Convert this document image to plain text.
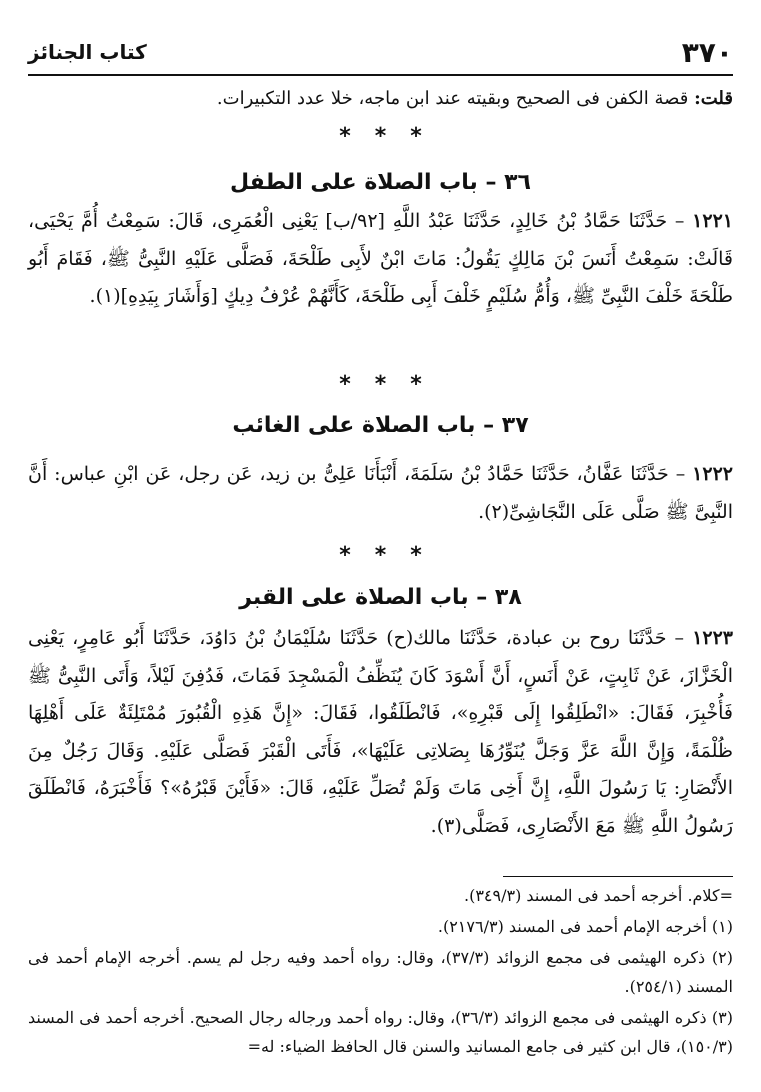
٣٧٠
كتاب الجنائز
قلت: قصة الكفن فى الصحيح وبقيته عند ابن ماجه، خلا عدد التكبيرات.
* * *
٣٦ – باب الصلاة على الطفل
١٢٢١ – حَدَّثَنَا حَمَّادُ بْنُ خَالِدٍ، حَدَّثَنَا عَبْدُ اللَّهِ [٩٢/ب] يَعْنِى الْعُمَرِى، قَالَ: سَمِعْتُ أُمَّ يَحْيَى، قَالَتْ: سَمِعْتُ أَنَسَ بْنَ مَالِكٍ يَقُولُ: مَاتَ ابْنٌ لأَبِى طَلْحَةَ، فَصَلَّى عَلَيْهِ النَّبِىُّ ﷺ، فَقَامَ أَبُو طَلْحَةَ خَلْفَ النَّبِىِّ ﷺ، وَأُمُّ سُلَيْمٍ خَلْفَ أَبِى طَلْحَةَ، كَأَنَّهُمْ عُرْفُ دِيكٍ [وَأَشَارَ بِيَدِهِ](١).
* * *
٣٧ – باب الصلاة على الغائب
١٢٢٢ – حَدَّثَنَا عَفَّانُ، حَدَّثَنَا حَمَّادُ بْنُ سَلَمَةَ، أَنْبَأَنَا عَلِىُّ بن زيد، عَن رجل، عَن ابْنِ عباس: أَنَّ النَّبِىَّ ﷺ صَلَّى عَلَى النَّجَاشِىِّ(٢).
* * *
٣٨ – باب الصلاة على القبر
١٢٢٣ – حَدَّثَنَا روح بن عبادة، حَدَّثَنَا مالك(ح) حَدَّثَنَا سُلَيْمَانُ بْنُ دَاوُدَ، حَدَّثَنَا أَبُو عَامِرٍ، يَعْنِى الْخَزَّازَ، عَنْ ثَابِتٍ، عَنْ أَنَسٍ، أَنَّ أَسْوَدَ كَانَ يُنَظِّفُ الْمَسْجِدَ فَمَاتَ، فَدُفِنَ لَيْلاً، وَأَتَى النَّبِىُّ ﷺ فَأُخْبِرَ، فَقَالَ: «انْطَلِقُوا إِلَى قَبْرِهِ»، فَانْطَلَقُوا، فَقَالَ: «إِنَّ هَذِهِ الْقُبُورَ مُمْتَلِئَةٌ عَلَى أَهْلِهَا ظُلْمَةً، وَإِنَّ اللَّهَ عَزَّ وَجَلَّ يُنَوِّرُهَا بِصَلاتِى عَلَيْهَا»، فَأَتَى الْقَبْرَ فَصَلَّى عَلَيْهِ. وَقَالَ رَجُلٌ مِنَ الأَنْصَارِ: يَا رَسُولَ اللَّهِ، إِنَّ أَخِى مَاتَ وَلَمْ تُصَلِّ عَلَيْهِ، قَالَ: «فَأَيْنَ قَبْرُهُ»؟ فَأَخْبَرَهُ، فَانْطَلَقَ رَسُولُ اللَّهِ ﷺ مَعَ الأَنْصَارِى، فَصَلَّى(٣).
=كلام. أخرجه أحمد فى المسند (٣٤٩/٣).
(١) أخرجه الإمام أحمد فى المسند (٢١٧٦/٣).
(٢) ذكره الهيثمى فى مجمع الزوائد (٣٧/٣)، وقال: رواه أحمد وفيه رجل لم يسم. أخرجه الإمام أحمد فى المسند (٢٥٤/١).
(٣) ذكره الهيثمى فى مجمع الزوائد (٣٦/٣)، وقال: رواه أحمد ورجاله رجال الصحيح. أخرجه أحمد فى المسند (١٥٠/٣)، قال ابن كثير فى جامع المسانيد والسنن قال الحافظ الضياء: له=
